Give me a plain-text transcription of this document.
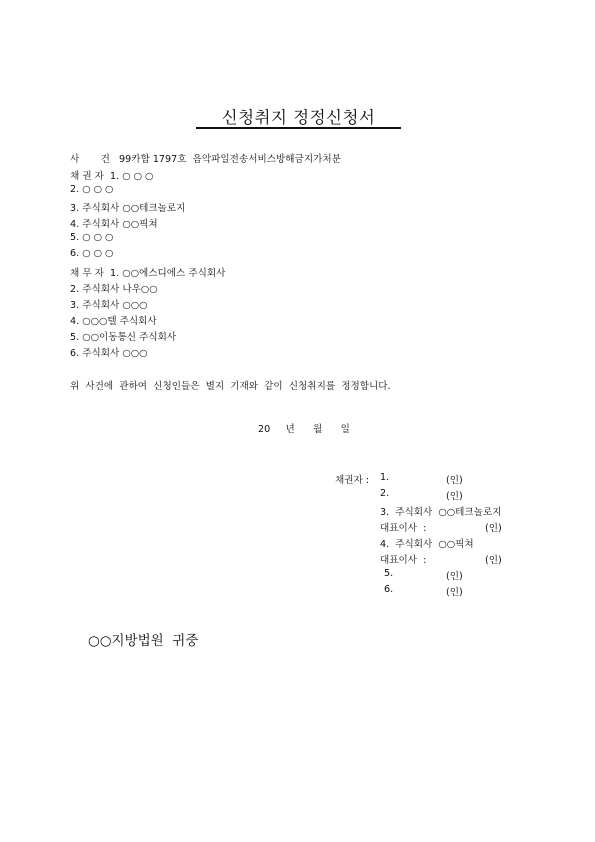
신청취지 정정신청서
사       건   99카합 1797호  음악파일전송서비스방해금지가처분
채 권 자  1. ○ ○ ○
2. ○ ○ ○
3. 주식회사 ○○테크놀로지
4. 주식회사 ○○픽쳐
5. ○ ○ ○
6. ○ ○ ○
채 무 자  1. ○○에스디에스 주식회사
2. 주식회사 나우○○
3. 주식회사 ○○○
4. ○○○텔 주식회사
5. ○○이동통신 주식회사
6. 주식회사 ○○○
위  사건에  관하여  신청인들은  별지  기재와  같이  신청취지를  정정합니다.
20     년      월      일
채권자 : 1.
2.
3.  주식회사  ○○테크놀로지
대표이사  :
4.  주식회사  ○○픽쳐
대표이사  :
5.
6.
(인)
(인)
(인)
(인)
(인)
(인)
○○지방법원  귀중
